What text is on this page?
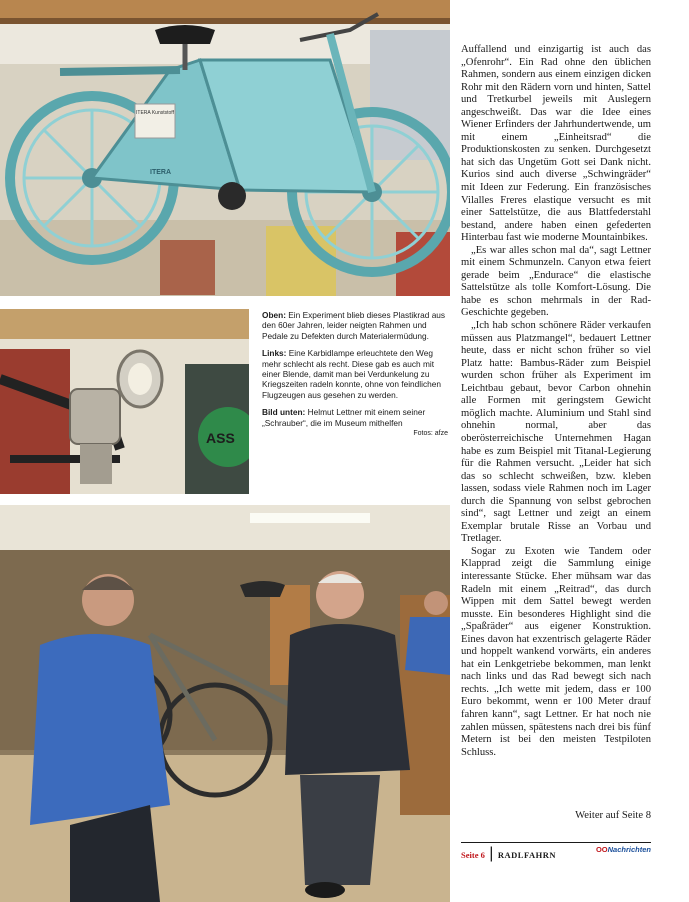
ITERA Kunststoff
ITERA
ASS

Oben: Ein Experiment blieb dieses Plastikrad aus den 60er Jahren, leider neigten Rahmen und Pedale zu Defekten durch Materialermüdung.

Links: Eine Karbidlampe erleuchtete den Weg mehr schlecht als recht. Diese gab es auch mit einer Blende, damit man bei Verdunkelung zu Kriegszeiten radeln konnte, ohne von feindlichen Flugzeugen aus gesehen zu werden.

Bild unten: Helmut Lettner mit einem seiner „Schrauber“, die im Museum mithelfen

Fotos: afze

Auffallend und einzigartig ist auch das „Ofenrohr“. Ein Rad ohne den üblichen Rahmen, sondern aus einem einzigen dicken Rohr mit den Rädern vorn und hinten, Sattel und Tretkurbel jeweils mit Auslegern angeschweißt. Das war die Idee eines Wiener Erfinders der Jahrhundertwende, um mit einem „Einheitsrad“ die Produktionskosten zu senken. Durchgesetzt hat sich das Ungetüm Gott sei Dank nicht. Kurios sind auch diverse „Schwingräder“ mit Ideen zur Federung. Ein französisches Vilalles Freres elastique versucht es mit einer Sattelstütze, die aus Blattfederstahl bestand, andere haben einen gefederten Hinterbau fast wie moderne Mountainbikes.

„Es war alles schon mal da“, sagt Lettner mit einem Schmunzeln. Canyon etwa feiert gerade beim „Endurace“ die elastische Sattelstütze als tolle Komfort-Lösung. Die habe es schon mehrmals in der Rad-Geschichte gegeben.

„Ich hab schon schönere Räder verkaufen müssen aus Platzmangel“, bedauert Lettner heute, dass er nicht schon früher so viel Platz hatte: Bambus-Räder zum Beispiel wurden schon früher als Experiment im Leichtbau gebaut, bevor Carbon ohnehin alle Formen mit geringstem Gewicht möglich machte. Aluminium und Stahl sind ohnehin normal, aber das oberösterreichische Unternehmen Hagan habe es zum Beispiel mit Titanal-Legierung für die Rahmen versucht. „Leider hat sich das so schlecht schweißen, bzw. kleben lassen, sodass viele Rahmen noch im Lager durch die Spannung von selbst gebrochen sind“, sagt Lettner und zeigt an einem Exemplar brutale Risse an Vorbau und Tretlager.

Sogar zu Exoten wie Tandem oder Klapprad zeigt die Sammlung einige interessante Stücke. Eher mühsam war das Radeln mit einem „Reitrad“, das durch Wippen mit dem Sattel bewegt werden musste. Ein besonderes Highlight sind die „Spaßräder“ aus eigener Konstruktion. Eines davon hat exzentrisch gelagerte Räder und hoppelt wankend vorwärts, ein anderes hat ein Lenkgetriebe bekommen, man lenkt nach links und das Rad bewegt sich nach rechts. „Ich wette mit jedem, dass er 100 Euro bekommt, wenn er 100 Meter drauf fahren kann“, sagt Lettner. Er hat noch nie zahlen müssen, spätestens nach drei bis fünf Metern ist bei den meisten Testpiloten Schluss.

Weiter auf Seite 8
Seite 6 | RADLFAHRN
OONachrichten
